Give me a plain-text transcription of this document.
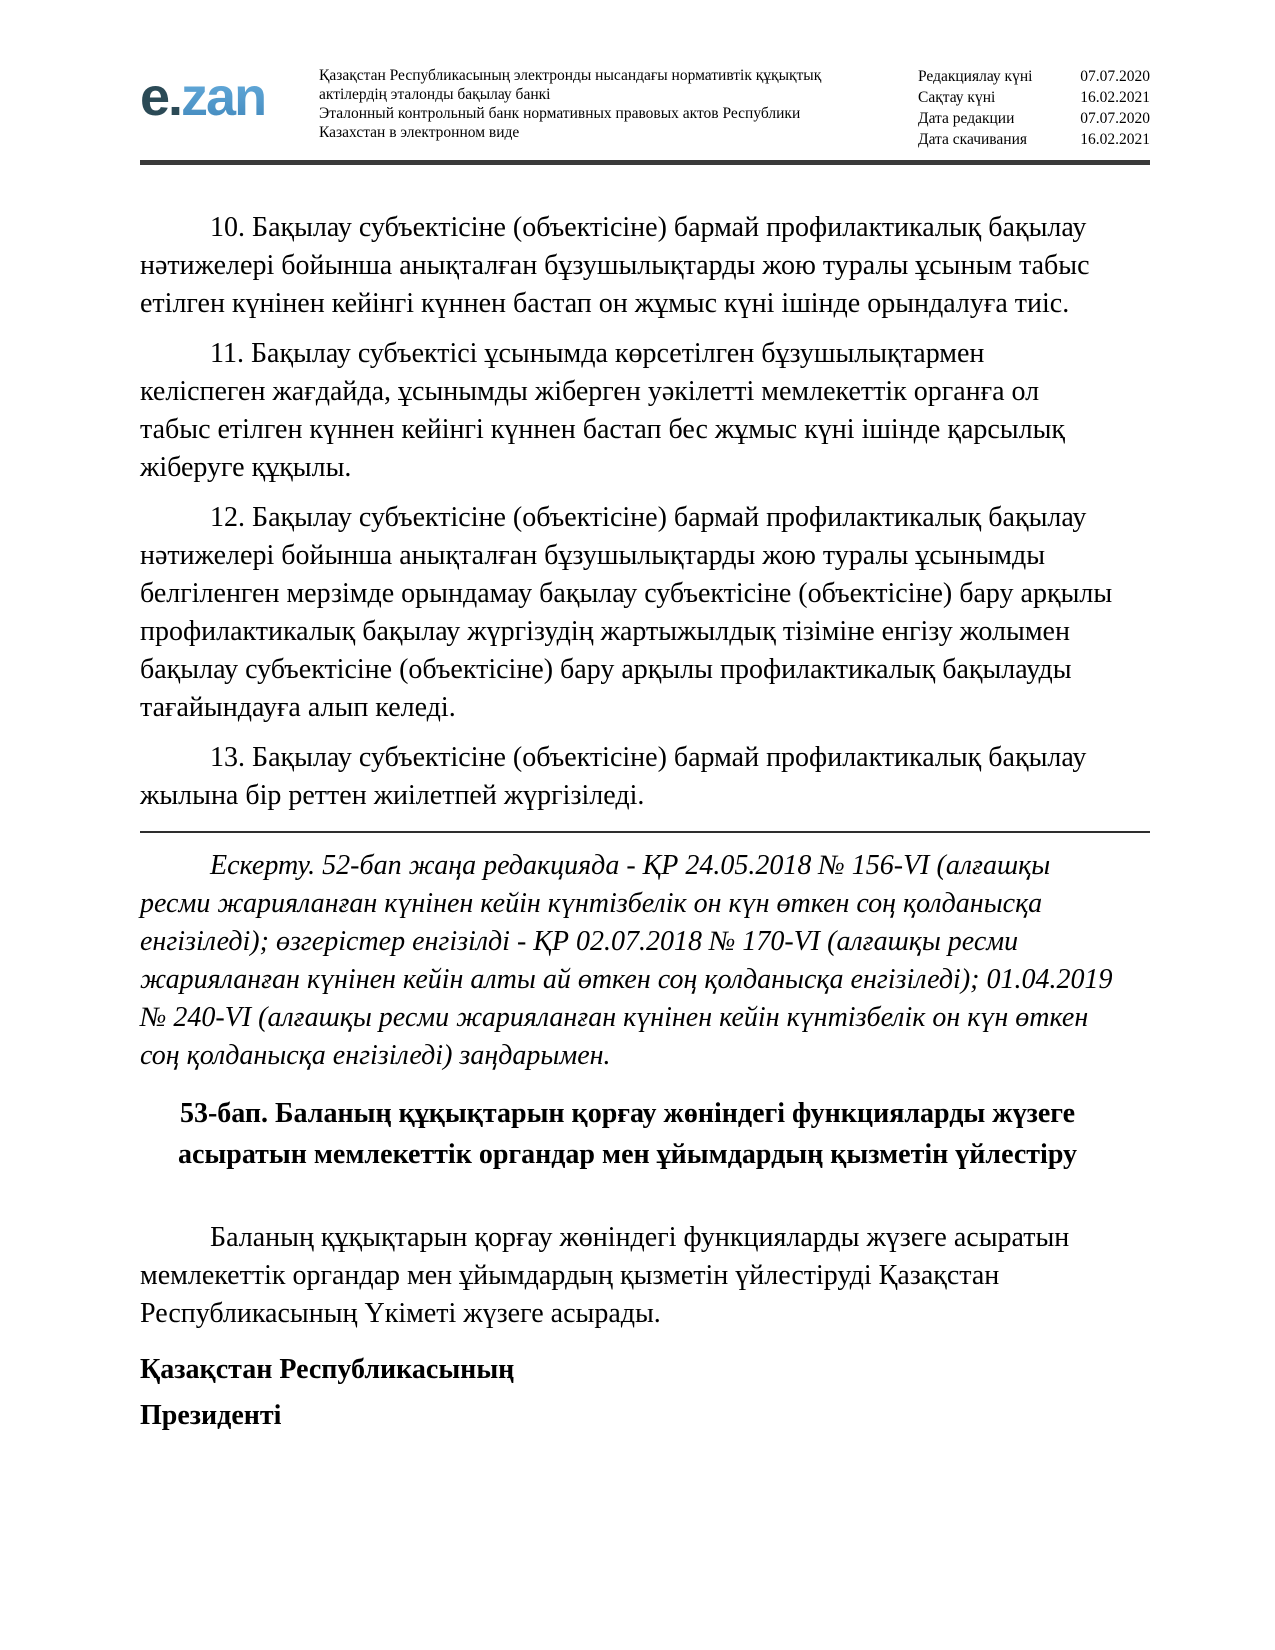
e.zan	Қазақстан Республикасының электронды нысандағы нормативтік құқықтық актілердің эталонды бақылау банкі
Эталонный контрольный банк нормативных правовых актов Республики Казахстан в электронном виде
Редакциялау күні	07.07.2020
Сақтау күні	16.02.2021
Дата редакции	07.07.2020
Дата скачивания	16.02.2021

10. Бақылау субъектісіне (объектісіне) бармай профилактикалық бақылау нәтижелері бойынша анықталған бұзушылықтарды жою туралы ұсыным табыс етілген күнінен кейінгі күннен бастап он жұмыс күні ішінде орындалуға тиіс.

11. Бақылау субъектісі ұсынымда көрсетілген бұзушылықтармен келіспеген жағдайда, ұсынымды жіберген уәкілетті мемлекеттік органға ол табыс етілген күннен кейінгі күннен бастап бес жұмыс күні ішінде қарсылық жіберуге құқылы.

12. Бақылау субъектісіне (объектісіне) бармай профилактикалық бақылау нәтижелері бойынша анықталған бұзушылықтарды жою туралы ұсынымды белгіленген мерзімде орындамау бақылау субъектісіне (объектісіне) бару арқылы профилактикалық бақылау жүргізудің жартыжылдық тізіміне енгізу жолымен бақылау субъектісіне (объектісіне) бару арқылы профилактикалық бақылауды тағайындауға алып келеді.

13. Бақылау субъектісіне (объектісіне) бармай профилактикалық бақылау жылына бір реттен жиілетпей жүргізіледі.

Ескерту. 52-бап жаңа редакцияда - ҚР 24.05.2018 № 156-VI (алғашқы ресми жарияланған күнінен кейін күнтізбелік он күн өткен соң қолданысқа енгізіледі); өзгерістер енгізілді - ҚР 02.07.2018 № 170-VI (алғашқы ресми жарияланған күнінен кейін алты ай өткен соң қолданысқа енгізіледі); 01.04.2019 № 240-VI (алғашқы ресми жарияланған күнінен кейін күнтізбелік он күн өткен соң қолданысқа енгізіледі) заңдарымен.

53-бап. Баланың құқықтарын қорғау жөніндегі функцияларды жүзеге асыратын мемлекеттік органдар мен ұйымдардың қызметін үйлестіру

Баланың құқықтарын қорғау жөніндегі функцияларды жүзеге асыратын мемлекеттік органдар мен ұйымдардың қызметін үйлестіруді Қазақстан Республикасының Үкіметі жүзеге асырады.

Қазақстан Республикасының
Президенті
